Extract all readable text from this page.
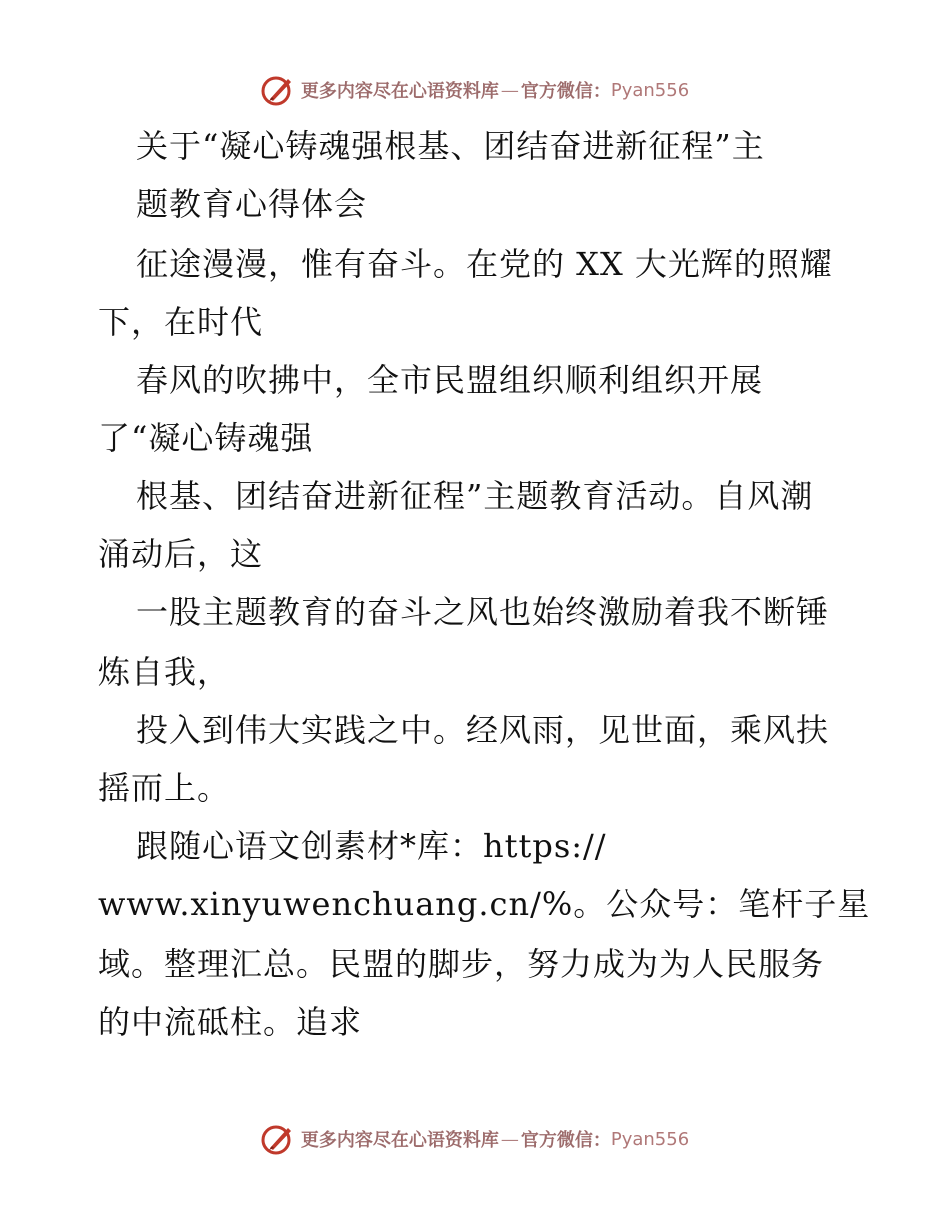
更多内容尽在心语资料库 — 官方微信： Pyan556
关于“凝心铸魂强根基、团结奋进新征程”主
题教育心得体会
征途漫漫，惟有奋斗。在党的 XX 大光辉的照耀
下，在时代
春风的吹拂中，全市民盟组织顺利组织开展
了“凝心铸魂强
根基、团结奋进新征程”主题教育活动。自风潮
涌动后，这
一股主题教育的奋斗之风也始终激励着我不断锤
炼自我，
投入到伟大实践之中。经风雨，见世面，乘风扶
摇而上。
跟随心语文创素材*库：https://
www.xinyuwenchuang.cn/%。公众号：笔杆子星
域。整理汇总。民盟的脚步，努力成为为人民服务
的中流砥柱。追求
更多内容尽在心语资料库 — 官方微信： Pyan556
